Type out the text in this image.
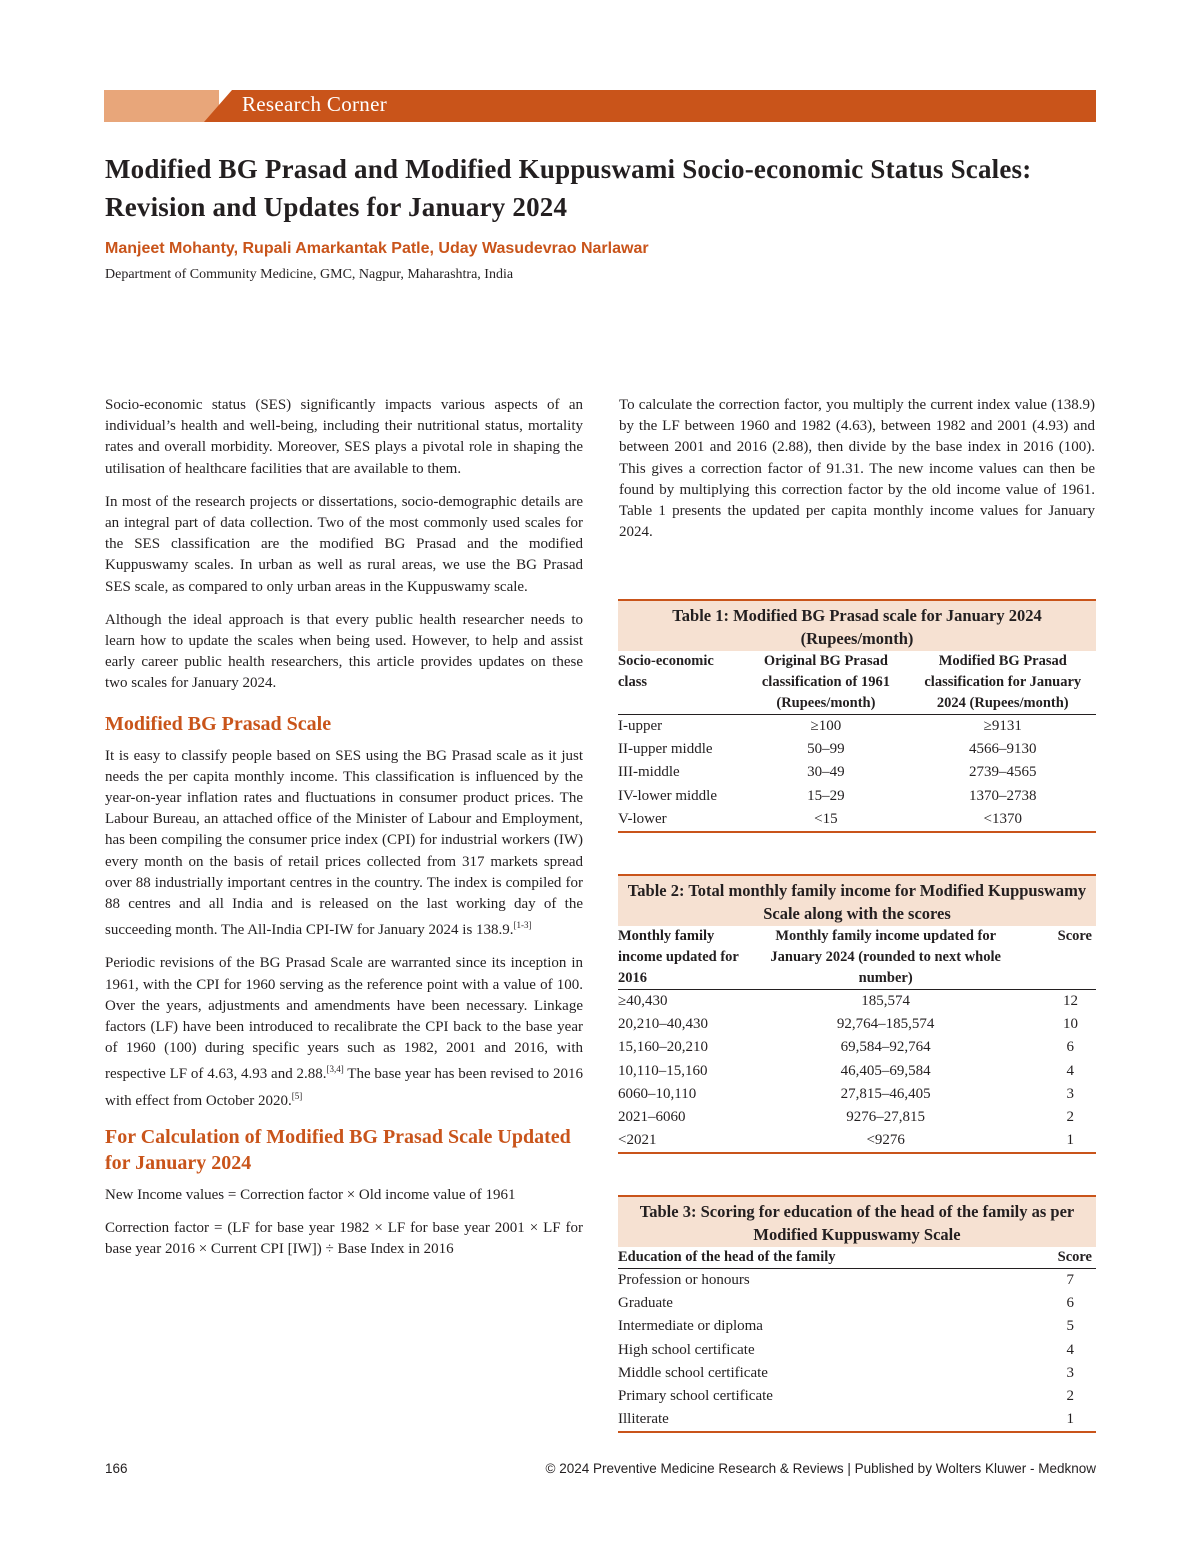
Research Corner
Modified BG Prasad and Modified Kuppuswami Socio-economic Status Scales: Revision and Updates for January 2024
Manjeet Mohanty, Rupali Amarkantak Patle, Uday Wasudevrao Narlawar
Department of Community Medicine, GMC, Nagpur, Maharashtra, India

Socio-economic status (SES) significantly impacts various aspects of an individual’s health and well-being, including their nutritional status, mortality rates and overall morbidity. Moreover, SES plays a pivotal role in shaping the utilisation of healthcare facilities that are available to them.

In most of the research projects or dissertations, socio-demographic details are an integral part of data collection. Two of the most commonly used scales for the SES classification are the modified BG Prasad and the modified Kuppuswamy scales. In urban as well as rural areas, we use the BG Prasad SES scale, as compared to only urban areas in the Kuppuswamy scale.

Although the ideal approach is that every public health researcher needs to learn how to update the scales when being used. However, to help and assist early career public health researchers, this article provides updates on these two scales for January 2024.

Modified BG Prasad Scale

It is easy to classify people based on SES using the BG Prasad scale as it just needs the per capita monthly income. This classification is influenced by the year-on-year inflation rates and fluctuations in consumer product prices. The Labour Bureau, an attached office of the Minister of Labour and Employment, has been compiling the consumer price index (CPI) for industrial workers (IW) every month on the basis of retail prices collected from 317 markets spread over 88 industrially important centres in the country. The index is compiled for 88 centres and all India and is released on the last working day of the succeeding month. The All-India CPI-IW for January 2024 is 138.9.[1-3]

Periodic revisions of the BG Prasad Scale are warranted since its inception in 1961, with the CPI for 1960 serving as the reference point with a value of 100. Over the years, adjustments and amendments have been necessary. Linkage factors (LF) have been introduced to recalibrate the CPI back to the base year of 1960 (100) during specific years such as 1982, 2001 and 2016, with respective LF of 4.63, 4.93 and 2.88.[3,4] The base year has been revised to 2016 with effect from October 2020.[5]

For Calculation of Modified BG Prasad Scale Updated for January 2024

New Income values = Correction factor × Old income value of 1961

Correction factor = (LF for base year 1982 × LF for base year 2001 × LF for base year 2016 × Current CPI [IW]) ÷ Base Index in 2016

To calculate the correction factor, you multiply the current index value (138.9) by the LF between 1960 and 1982 (4.63), between 1982 and 2001 (4.93) and between 2001 and 2016 (2.88), then divide by the base index in 2016 (100). This gives a correction factor of 91.31. The new income values can then be found by multiplying this correction factor by the old income value of 1961. Table 1 presents the updated per capita monthly income values for January 2024.

Table 1: Modified BG Prasad scale for January 2024 (Rupees/month)
Socio-economic class	Original BG Prasad classification of 1961 (Rupees/month)	Modified BG Prasad classification for January 2024 (Rupees/month)
I-upper	≥100	≥9131
II-upper middle	50–99	4566–9130
III-middle	30–49	2739–4565
IV-lower middle	15–29	1370–2738
V-lower	<15	<1370
Table 2: Total monthly family income for Modified Kuppuswamy Scale along with the scores
Monthly family income updated for 2016	Monthly family income updated for January 2024 (rounded to next whole number)	Score
≥40,430	185,574	12
20,210–40,430	92,764–185,574	10
15,160–20,210	69,584–92,764	6
10,110–15,160	46,405–69,584	4
6060–10,110	27,815–46,405	3
2021–6060	9276–27,815	2
<2021	<9276	1
Table 3: Scoring for education of the head of the family as per Modified Kuppuswamy Scale
Education of the head of the family	Score
Profession or honours	7
Graduate	6
Intermediate or diploma	5
High school certificate	4
Middle school certificate	3
Primary school certificate	2
Illiterate	1
166	© 2024 Preventive Medicine Research & Reviews | Published by Wolters Kluwer - Medknow
